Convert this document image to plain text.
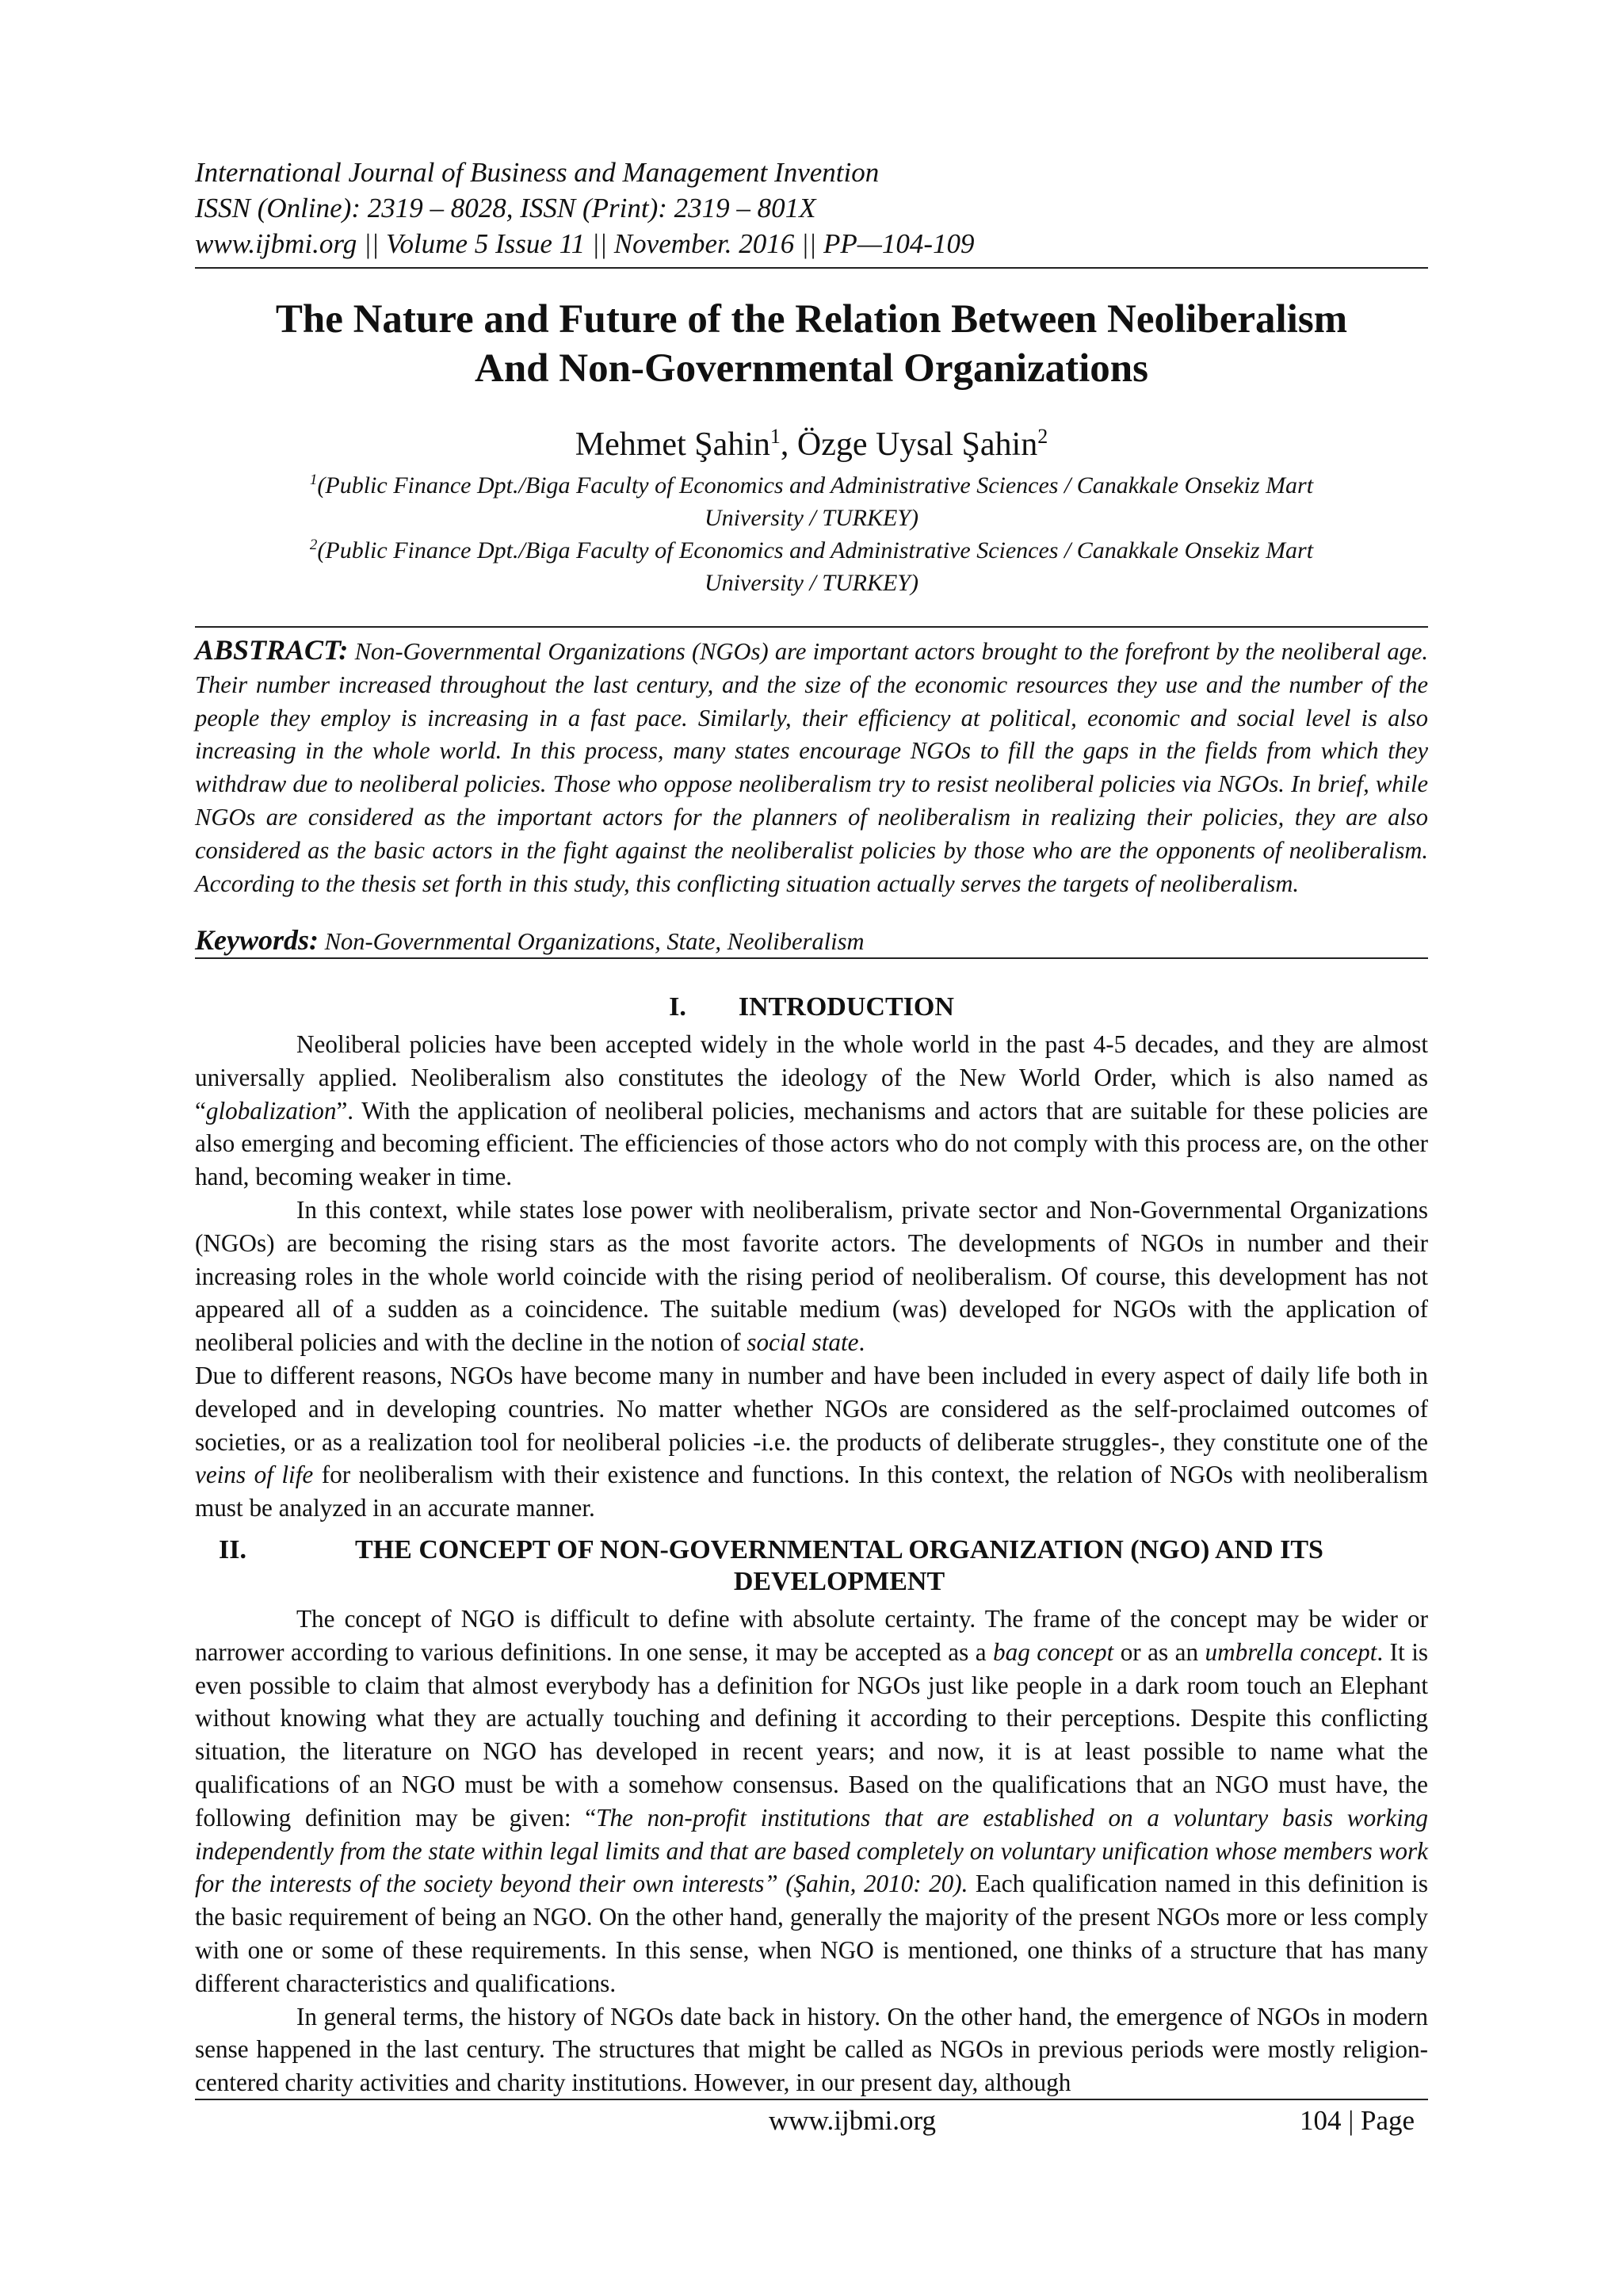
International Journal of Business and Management Invention
ISSN (Online): 2319 – 8028, ISSN (Print): 2319 – 801X
www.ijbmi.org || Volume 5 Issue 11 || November. 2016 || PP—104-109
The Nature and Future of the Relation Between Neoliberalism
And Non-Governmental Organizations
Mehmet Şahin$^1$, Özge Uysal Şahin$^2$
$^1$(Public Finance Dpt./Biga Faculty of Economics and Administrative Sciences / Canakkale Onsekiz Mart
University / TURKEY)
$^2$(Public Finance Dpt./Biga Faculty of Economics and Administrative Sciences / Canakkale Onsekiz Mart
University / TURKEY)
ABSTRACT: Non-Governmental Organizations (NGOs) are important actors brought to the forefront by the neoliberal age. Their number increased throughout the last century, and the size of the economic resources they use and the number of the people they employ is increasing in a fast pace. Similarly, their efficiency at political, economic and social level is also increasing in the whole world. In this process, many states encourage NGOs to fill the gaps in the fields from which they withdraw due to neoliberal policies. Those who oppose neoliberalism try to resist neoliberal policies via NGOs. In brief, while NGOs are considered as the important actors for the planners of neoliberalism in realizing their policies, they are also considered as the basic actors in the fight against the neoliberalist policies by those who are the opponents of neoliberalism. According to the thesis set forth in this study, this conflicting situation actually serves the targets of neoliberalism.
Keywords: Non-Governmental Organizations, State, Neoliberalism
I. INTRODUCTION

Neoliberal policies have been accepted widely in the whole world in the past 4-5 decades, and they are almost universally applied. Neoliberalism also constitutes the ideology of the New World Order, which is also named as “globalization”. With the application of neoliberal policies, mechanisms and actors that are suitable for these policies are also emerging and becoming efficient. The efficiencies of those actors who do not comply with this process are, on the other hand, becoming weaker in time.

In this context, while states lose power with neoliberalism, private sector and Non-Governmental Organizations (NGOs) are becoming the rising stars as the most favorite actors. The developments of NGOs in number and their increasing roles in the whole world coincide with the rising period of neoliberalism. Of course, this development has not appeared all of a sudden as a coincidence. The suitable medium (was) developed for NGOs with the application of neoliberal policies and with the decline in the notion of social state.

Due to different reasons, NGOs have become many in number and have been included in every aspect of daily life both in developed and in developing countries. No matter whether NGOs are considered as the self-proclaimed outcomes of societies, or as a realization tool for neoliberal policies -i.e. the products of deliberate struggles-, they constitute one of the veins of life for neoliberalism with their existence and functions. In this context, the relation of NGOs with neoliberalism must be analyzed in an accurate manner.

II.	THE CONCEPT OF NON-GOVERNMENTAL ORGANIZATION (NGO) AND ITS DEVELOPMENT

The concept of NGO is difficult to define with absolute certainty. The frame of the concept may be wider or narrower according to various definitions. In one sense, it may be accepted as a bag concept or as an umbrella concept. It is even possible to claim that almost everybody has a definition for NGOs just like people in a dark room touch an Elephant without knowing what they are actually touching and defining it according to their perceptions. Despite this conflicting situation, the literature on NGO has developed in recent years; and now, it is at least possible to name what the qualifications of an NGO must be with a somehow consensus. Based on the qualifications that an NGO must have, the following definition may be given: “The non-profit institutions that are established on a voluntary basis working independently from the state within legal limits and that are based completely on voluntary unification whose members work for the interests of the society beyond their own interests” (Şahin, 2010: 20). Each qualification named in this definition is the basic requirement of being an NGO. On the other hand, generally the majority of the present NGOs more or less comply with one or some of these requirements. In this sense, when NGO is mentioned, one thinks of a structure that has many different characteristics and qualifications.

In general terms, the history of NGOs date back in history. On the other hand, the emergence of NGOs in modern sense happened in the last century. The structures that might be called as NGOs in previous periods were mostly religion-centered charity activities and charity institutions. However, in our present day, although

www.ijbmi.org	104 | Page
